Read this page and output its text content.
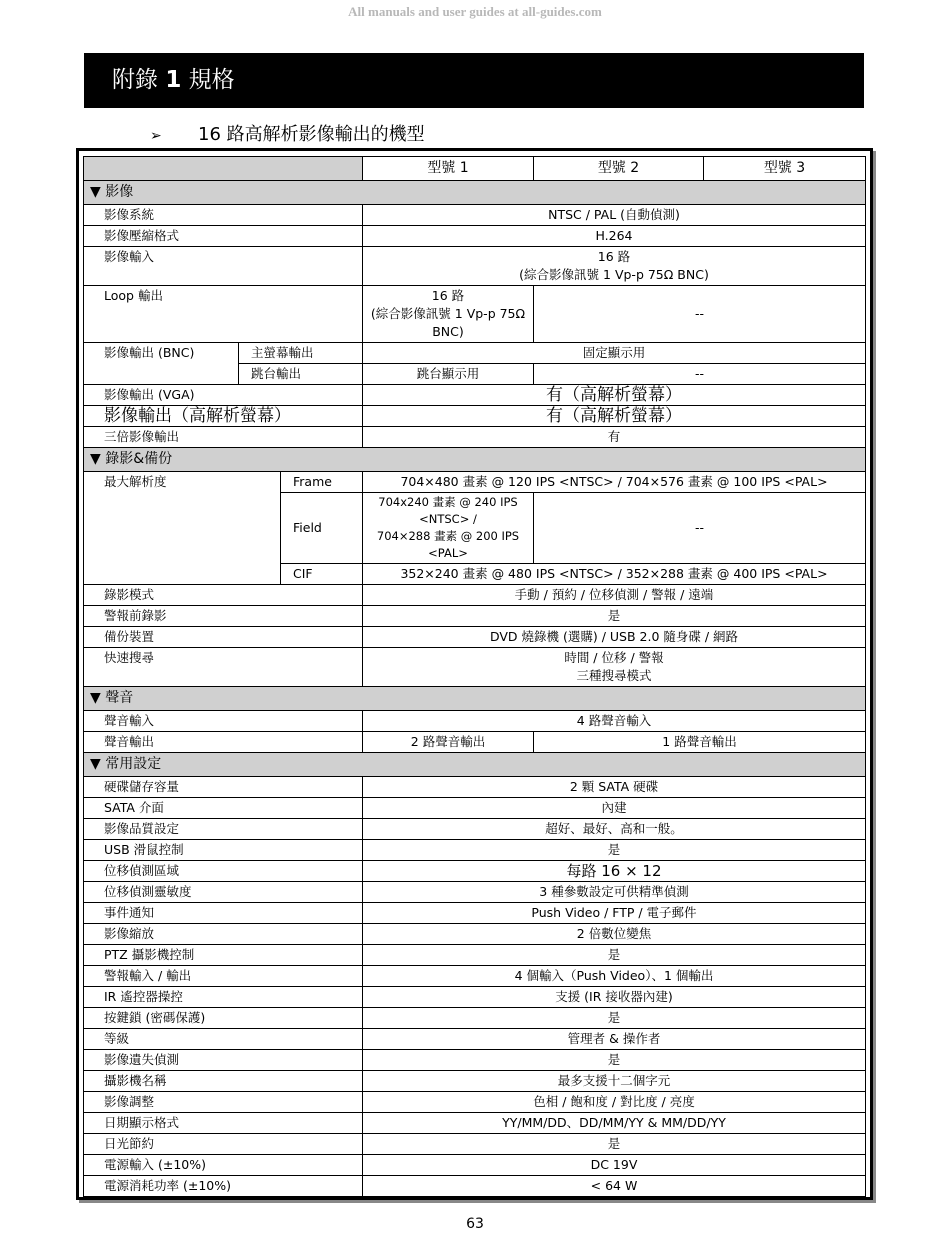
All manuals and user guides at all-guides.com
附錄 1 規格
➢ 16 路高解析影像輸出的機型
			型號 1	型號 2	型號 3
▼ 影像					
影像系統			NTSC / PAL (自動偵測)		
影像壓縮格式			H.264		
影像輸入			16 路
(綜合影像訊號 1 Vp-p 75Ω BNC)		

Loop 輸出			16 路
(綜合影像訊號 1 Vp-p 75Ω
BNC)	--	
影像輸出 (BNC)	主螢幕輸出		固定顯示用		
	跳台輸出		跳台顯示用	--	
影像輸出 (VGA)			有（高解析螢幕）		
影像輸出（高解析螢幕）			有（高解析螢幕）		
三倍影像輸出			有		
▼ 錄影&備份					
最大解析度		Frame	704×480 畫素 @ 120 IPS <NTSC> / 704×576 畫素 @ 100 IPS <PAL>		
		Field	704x240 畫素 @ 240 IPS
<NTSC> /
704×288 畫素 @ 200 IPS
<PAL>	--	
		CIF	352×240 畫素 @ 480 IPS <NTSC> / 352×288 畫素 @ 400 IPS <PAL>		
錄影模式			手動 / 預約 / 位移偵測 / 警報 / 遠端		
警報前錄影			是		
備份裝置			DVD 燒錄機 (選購) / USB 2.0 隨身碟 / 網路		
快速搜尋			時間 / 位移 / 警報
三種搜尋模式		

▼ 聲音					
聲音輸入			4 路聲音輸入		
聲音輸出			2 路聲音輸出	1 路聲音輸出	
▼ 常用設定					
硬碟儲存容量			2 顆 SATA 硬碟		
SATA 介面			內建		
影像品質設定			超好、最好、高和一般。		
USB 滑鼠控制			是		
位移偵測區域			每路 16 × 12		
位移偵測靈敏度			3 種參數設定可供精準偵測		
事件通知			Push Video / FTP / 電子郵件		
影像縮放			2 倍數位變焦		
PTZ 攝影機控制			是		
警報輸入 / 輸出			4 個輸入（Push Video）、1 個輸出		
IR 遙控器操控			支援 (IR 接收器內建)		
按鍵鎖 (密碼保護)			是		
等級			管理者 & 操作者		
影像遺失偵測			是		
攝影機名稱			最多支援十二個字元		
影像調整			色相 / 飽和度 / 對比度 / 亮度		
日期顯示格式			YY/MM/DD、DD/MM/YY & MM/DD/YY		
日光節約			是		
電源輸入 (±10%)			DC 19V		
電源消耗功率 (±10%)			< 64 W		
63
